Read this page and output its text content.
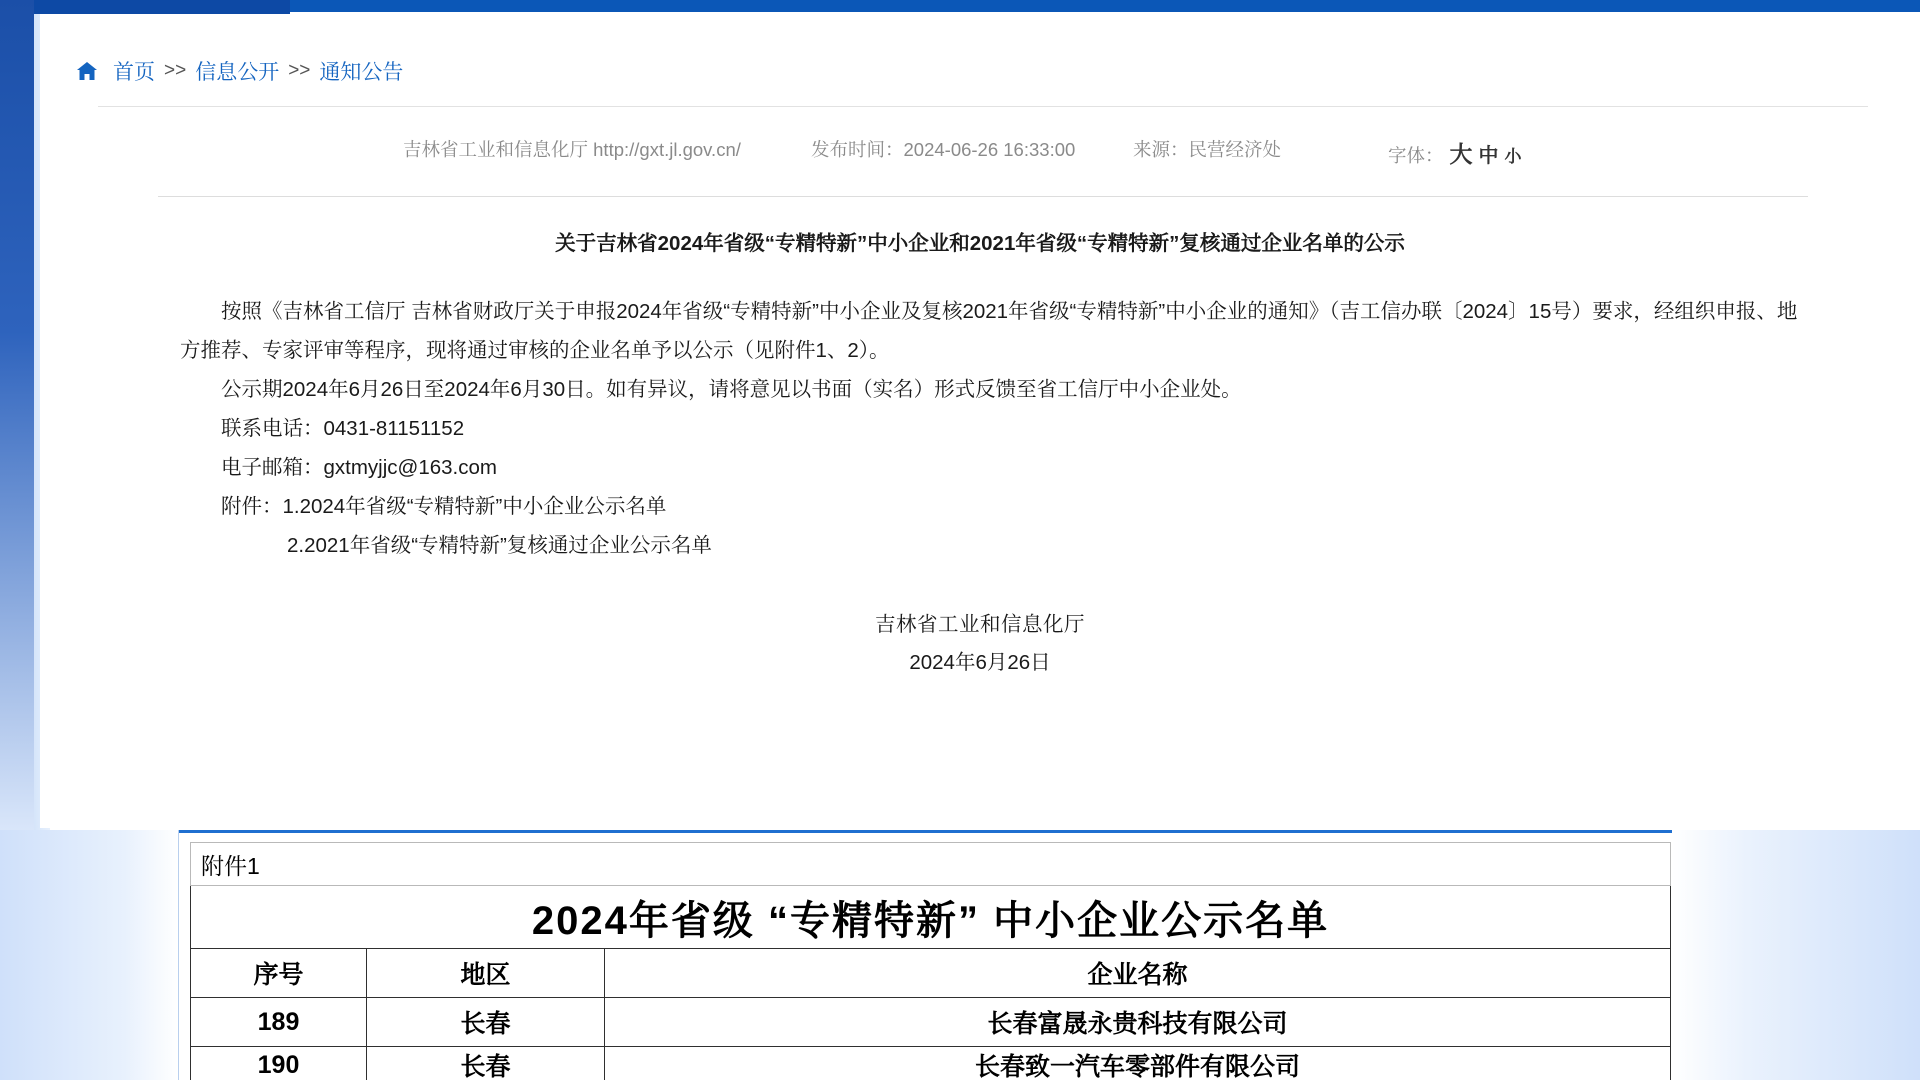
首页 >> 信息公开 >> 通知公告
吉林省工业和信息化厅 http://gxt.jl.gov.cn/	发布时间：2024-06-26 16:33:00	来源：民营经济处	字体： 大 中 小
关于吉林省2024年省级“专精特新”中小企业和2021年省级“专精特新”复核通过企业名单的公示

按照《吉林省工信厅 吉林省财政厅关于申报2024年省级“专精特新”中小企业及复核2021年省级“专精特新”中小企业的通知》（吉工信办联〔2024〕15号）要求，经组织申报、地方推荐、专家评审等程序，现将通过审核的企业名单予以公示（见附件1、2）。

公示期2024年6月26日至2024年6月30日。如有异议，请将意见以书面（实名）形式反馈至省工信厅中小企业处。

联系电话：0431-81151152

电子邮箱：gxtmyjjc@163.com

附件：1.2024年省级“专精特新”中小企业公示名单

2.2021年省级“专精特新”复核通过企业公示名单

吉林省工业和信息化厅
2024年6月26日
附件1		
2024年省级 “专精特新” 中小企业公示名单		
序号	地区	企业名称
189	长春	长春富晟永贵科技有限公司
190	长春	长春致一汽车零部件有限公司
